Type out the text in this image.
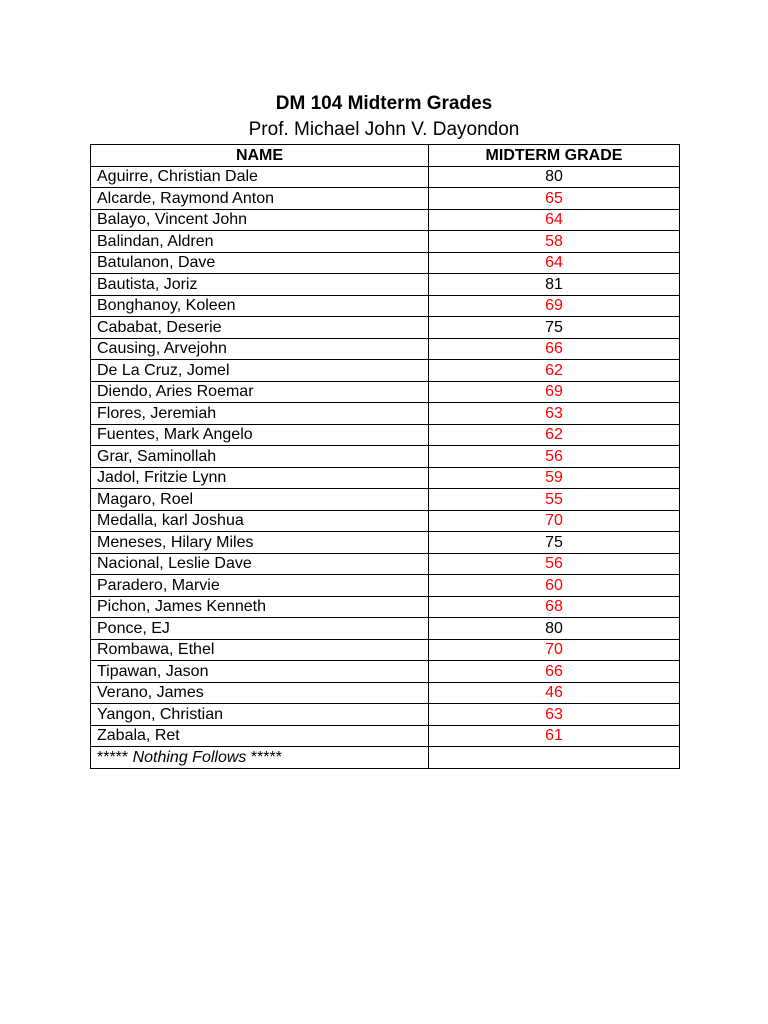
DM 104 Midterm Grades
Prof. Michael John V. Dayondon
NAME	MIDTERM GRADE
Aguirre, Christian Dale	80
Alcarde, Raymond Anton	65
Balayo, Vincent John	64
Balindan, Aldren	58
Batulanon, Dave	64
Bautista, Joriz	81
Bonghanoy, Koleen	69
Cababat, Deserie	75
Causing, Arvejohn	66
De La Cruz, Jomel	62
Diendo, Aries Roemar	69
Flores, Jeremiah	63
Fuentes, Mark Angelo	62
Grar, Saminollah	56
Jadol, Fritzie Lynn	59
Magaro, Roel	55
Medalla, karl Joshua	70
Meneses, Hilary Miles	75
Nacional, Leslie Dave	56
Paradero, Marvie	60
Pichon, James Kenneth	68
Ponce, EJ	80
Rombawa, Ethel	70
Tipawan, Jason	66
Verano, James	46
Yangon, Christian	63
Zabala, Ret	61
***** Nothing Follows *****	
